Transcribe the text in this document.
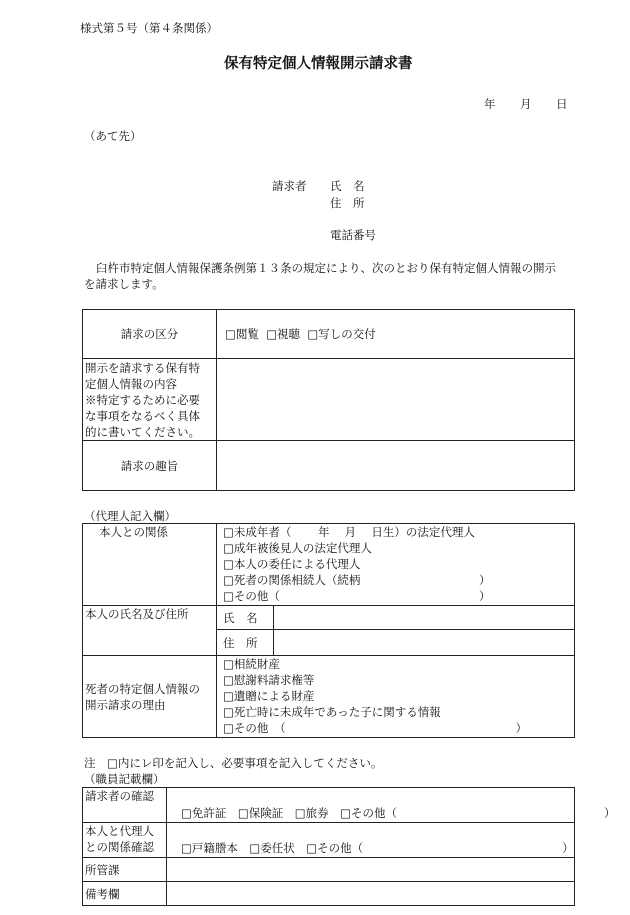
様式第５号（第４条関係）
保有特定個人情報開示請求書
年 月 日
（あて先）
請求者 氏　名
住　所
電話番号
臼杵市特定個人情報保護条例第１３条の規定により、次のとおり保有特定個人情報の開示
を請求します。
請求の区分	□閲覧 □視聴 □写しの交付

開示を請求する保有特
定個人情報の内容
※特定するために必要
な事項をなるべく具体
的に書いてください。	

請求の趣旨	
（代理人記入欄）
本人との関係	□未成年者（　　 年　 月　 日生）の法定代理人
□成年被後見人の法定代理人
□本人の委任による代理人
□死者の関係相続人（続柄　　　　　　　　　　 ）
□その他（　　　　　　　　　　　　　　　　　 ）	

本人の氏名及び住所	氏　名	
	住　所	

死者の特定個人情報の
開示請求の理由	□相続財産
□慰謝料請求権等
□遺贈による財産
□死亡時に未成年であった子に関する情報
□その他　（　　　　　　　　　　　　　　　　　　　　）	
注　□内にレ印を記入し、必要事項を記入してください。
（職員記載欄）
請求者の確認	□免許証　□保険証　□旅券　□その他（　　　　　　　　　　　　　　　　　　）

本人と代理人
との関係確認	□戸籍謄本　□委任状　□その他（　　　　　　　　　　　　　　　　　 ）

所管課	
備考欄	
